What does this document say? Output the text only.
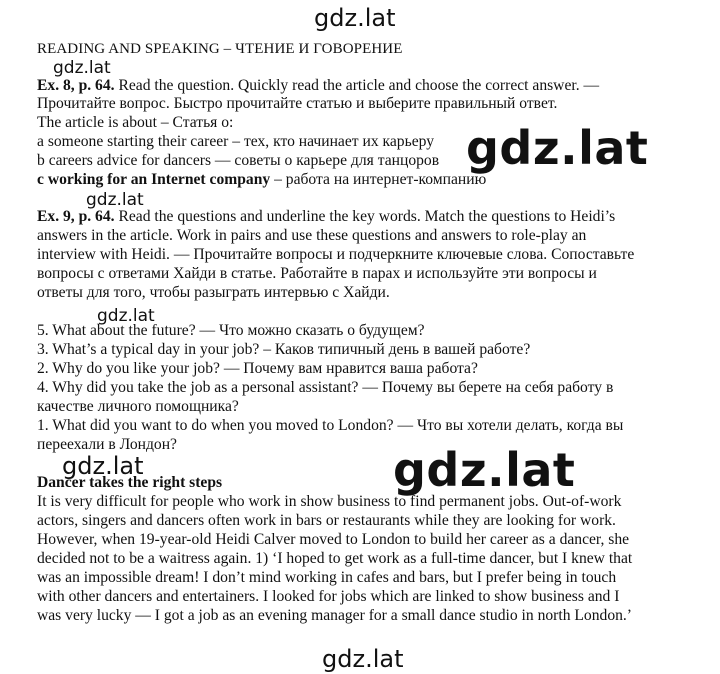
gdz.lat
gdz.lat
gdz.lat
gdz.lat
gdz.lat
gdz.lat	gdz.lat
gdz.lat
READING AND SPEAKING – ЧТЕНИЕ И ГОВОРЕНИЕ
Ex. 8, p. 64. Read the question. Quickly read the article and choose the correct answer. —
Прочитайте вопрос. Быстро прочитайте статью и выберите правильный ответ.
The article is about – Статья о:
a someone starting their career – тех, кто начинает их карьеру
b careers advice for dancers — советы о карьере для танцоров
c working for an Internet company – работа на интернет-компанию
Ex. 9, p. 64. Read the questions and underline the key words. Match the questions to Heidi’s
answers in the article. Work in pairs and use these questions and answers to role-play an
interview with Heidi. — Прочитайте вопросы и подчеркните ключевые слова. Сопоставьте
вопросы с ответами Хайди в статье. Работайте в парах и используйте эти вопросы и
ответы для того, чтобы разыграть интервью с Хайди.
5. What about the future? — Что можно сказать о будущем?
3. What’s a typical day in your job? – Каков типичный день в вашей работе?
2. Why do you like your job? — Почему вам нравится ваша работа?
4. Why did you take the job as a personal assistant? — Почему вы берете на себя работу в
качестве личного помощника?
1. What did you want to do when you moved to London? — Что вы хотели делать, когда вы
переехали в Лондон?
Dancer takes the right steps
It is very difficult for people who work in show business to find permanent jobs. Out-of-work
actors, singers and dancers often work in bars or restaurants while they are looking for work.
However, when 19-year-old Heidi Calver moved to London to build her career as a dancer, she
decided not to be a waitress again. 1) ‘I hoped to get work as a full-time dancer, but I knew that
was an impossible dream! I don’t mind working in cafes and bars, but I prefer being in touch
with other dancers and entertainers. I looked for jobs which are linked to show business and I
was very lucky — I got a job as an evening manager for a small dance studio in north London.’
